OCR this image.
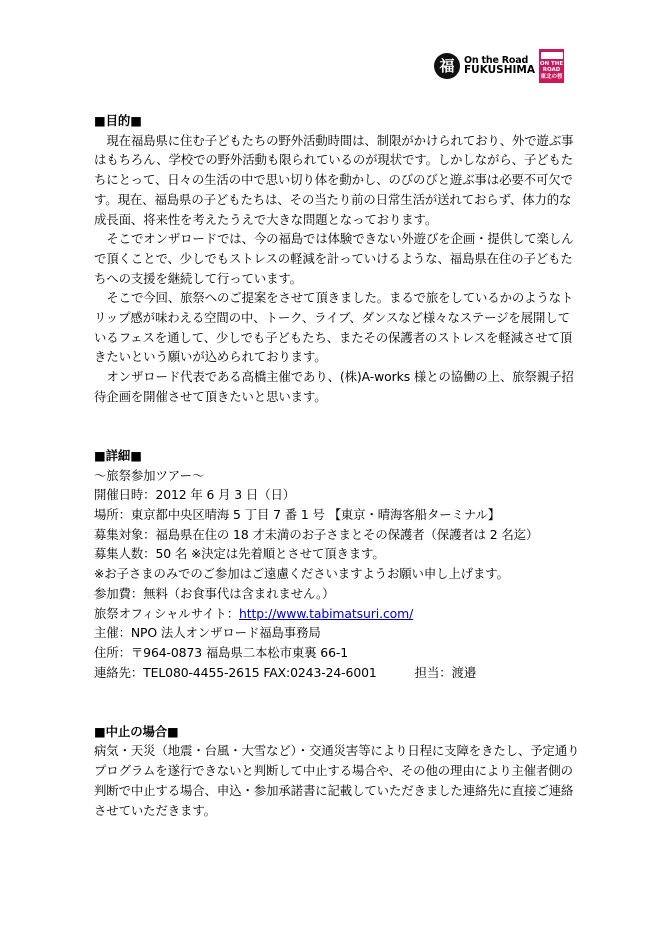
福	On the Road
FUKUSHIMA
ON THE ROAD
東北の桜

■目的■

現在福島県に住む子どもたちの野外活動時間は、制限がかけられており、外で遊ぶ事はもちろん、学校での野外活動も限られているのが現状です。しかしながら、子どもたちにとって、日々の生活の中で思い切り体を動かし、のびのびと遊ぶ事は必要不可欠です。現在、福島県の子どもたちは、その当たり前の日常生活が送れておらず、体力的な成長面、将来性を考えたうえで大きな問題となっております。

そこでオンザロードでは、今の福島では体験できない外遊びを企画・提供して楽しんで頂くことで、少しでもストレスの軽減を計っていけるような、福島県在住の子どもたちへの支援を継続して行っています。

そこで今回、旅祭へのご提案をさせて頂きました。まるで旅をしているかのようなトリップ感が味わえる空間の中、トーク、ライブ、ダンスなど様々なステージを展開しているフェスを通して、少しでも子どもたち、またその保護者のストレスを軽減させて頂きたいという願いが込められております。

オンザロード代表である高橋主催であり、(株)A-works 様との協働の上、旅祭親子招待企画を開催させて頂きたいと思います。

■詳細■

～旅祭参加ツアー～

開催日時：2012 年 6 月 3 日（日）

場所：東京都中央区晴海 5 丁目 7 番 1 号 【東京・晴海客船ターミナル】

募集対象：福島県在住の 18 才未満のお子さまとその保護者（保護者は 2 名迄）

募集人数：50 名 ※決定は先着順とさせて頂きます。

※お子さまのみでのご参加はご遠慮くださいますようお願い申し上げます。

参加費：無料（お食事代は含まれません。）

旅祭オフィシャルサイト：http://www.tabimatsuri.com/

主催：NPO 法人オンザロード福島事務局

住所：〒964-0873 福島県二本松市東裏 66-1

連絡先：TEL080-4455-2615 FAX:0243-24-6001	担当：渡邉

■中止の場合■

病気・天災（地震・台風・大雪など）・交通災害等により日程に支障をきたし、予定通りプログラムを遂行できないと判断して中止する場合や、その他の理由により主催者側の判断で中止する場合、申込・参加承諾書に記載していただきました連絡先に直接ご連絡させていただきます。
